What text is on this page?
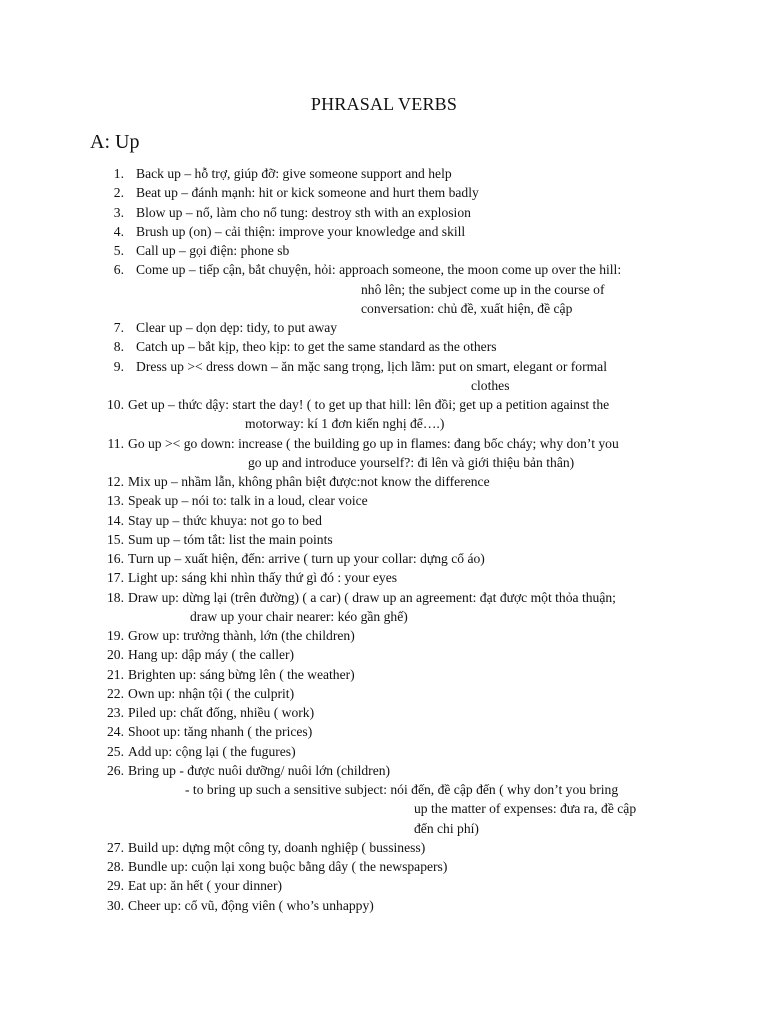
PHRASAL VERBS
A: Up
1. Back up – hỗ trợ, giúp đỡ: give someone support and help
2. Beat up – đánh mạnh: hit or kick someone and hurt them badly
3. Blow up – nổ, làm cho nổ tung: destroy sth with an explosion
4. Brush up (on) – cải thiện: improve your knowledge and skill
5. Call up – gọi điện: phone sb
6. Come up – tiếp cận, bắt chuyện, hỏi: approach someone, the moon come up over the hill:
nhô lên; the subject come up in the course of
conversation: chủ đề, xuất hiện, đề cập
7. Clear up – dọn dẹp: tidy, to put away
8. Catch up – bắt kịp, theo kịp: to get the same standard as the others
9. Dress up >< dress down – ăn mặc sang trọng, lịch lãm: put on smart, elegant or formal
clothes
10. Get up – thức dậy: start the day! ( to get up that hill: lên đồi; get up a petition against the
motorway: kí 1 đơn kiến nghị để….)
11. Go up >< go down: increase ( the building go up in flames: đang bốc cháy; why don’t you
go up and introduce yourself?: đi lên và giới thiệu bản thân)
12. Mix up – nhầm lẫn, không phân biệt được:not know the difference
13. Speak up – nói to: talk in a loud, clear voice
14. Stay up – thức khuya: not go to bed
15. Sum up – tóm tắt: list the main points
16. Turn up – xuất hiện, đến: arrive ( turn up your collar: dựng cổ áo)
17. Light up: sáng khi nhìn thấy thứ gì đó : your eyes
18. Draw up: dừng lại (trên đường) ( a car) ( draw up an agreement: đạt được một thỏa thuận;
draw up your chair nearer: kéo gần ghế)
19. Grow up: trưởng thành, lớn (the children)
20. Hang up: dập máy ( the caller)
21. Brighten up: sáng bừng lên ( the weather)
22. Own up: nhận tội ( the culprit)
23. Piled up: chất đống, nhiều ( work)
24. Shoot up: tăng nhanh ( the prices)
25. Add up: cộng lại ( the fugures)
26. Bring up - được nuôi dưỡng/ nuôi lớn (children)
- to bring up such a sensitive subject: nói đến, đề cập đến ( why don’t you bring
up the matter of expenses: đưa ra, đề cập
đến chi phí)
27. Build up: dựng một công ty, doanh nghiệp ( bussiness)
28. Bundle up: cuộn lại xong buộc bằng dây ( the newspapers)
29. Eat up: ăn hết ( your dinner)
30. Cheer up: cổ vũ, động viên ( who’s unhappy)
